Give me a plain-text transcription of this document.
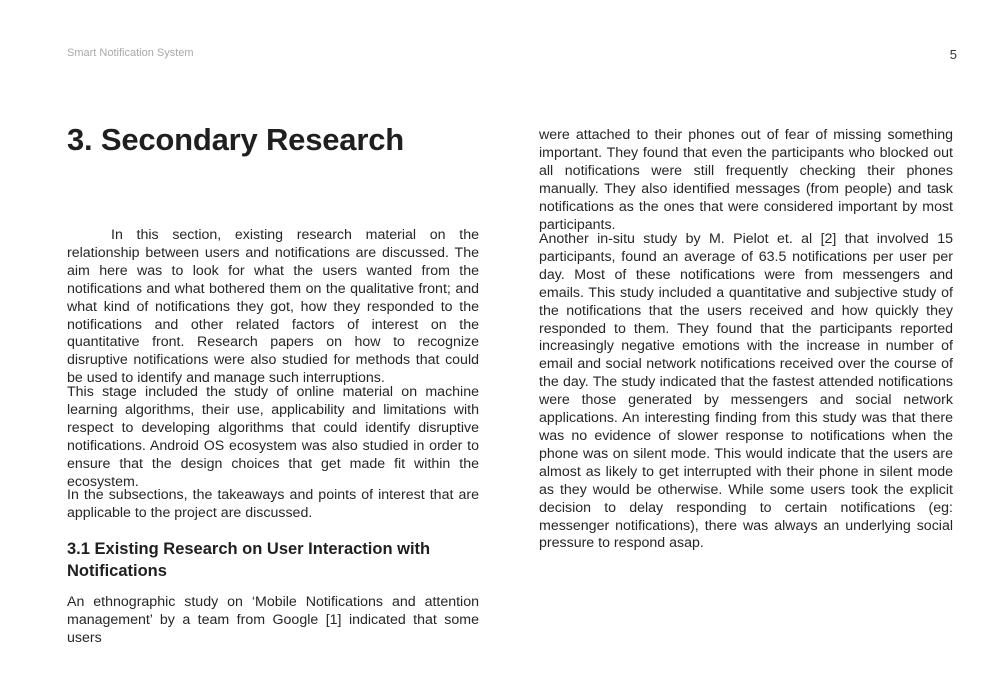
Smart Notification System	5
3. Secondary Research

In this section, existing research material on the relationship between users and notifications are discussed. The aim here was to look for what the users wanted from the notifications and what bothered them on the qualitative front; and what kind of notifications they got, how they responded to the notifications and other related factors of interest on the quantitative front. Research papers on how to recognize disruptive notifications were also studied for methods that could be used to identify and manage such interruptions.

This stage included the study of online material on machine learning algorithms, their use, applicability and limitations with respect to developing algorithms that could identify disruptive notifications. Android OS ecosystem was also studied in order to ensure that the design choices that get made fit within the ecosystem.

In the subsections, the takeaways and points of interest that are applicable to the project are discussed.

3.1 Existing Research on User Interaction with Notifications

An ethnographic study on ‘Mobile Notifications and attention management’ by a team from Google [1] indicated that some users

were attached to their phones out of fear of missing something important. They found that even the participants who blocked out all notifications were still frequently checking their phones manually. They also identified messages (from people) and task notifications as the ones that were considered important by most participants.

Another in-situ study by M. Pielot et. al [2] that involved 15 participants, found an average of 63.5 notifications per user per day. Most of these notifications were from messengers and emails. This study included a quantitative and subjective study of the notifications that the users received and how quickly they responded to them. They found that the participants reported increasingly negative emotions with the increase in number of email and social network notifications received over the course of the day. The study indicated that the fastest attended notifications were those generated by messengers and social network applications. An interesting finding from this study was that there was no evidence of slower response to notifications when the phone was on silent mode. This would indicate that the users are almost as likely to get interrupted with their phone in silent mode as they would be otherwise. While some users took the explicit decision to delay responding to certain notifications (eg: messenger notifications), there was always an underlying social pressure to respond asap.
